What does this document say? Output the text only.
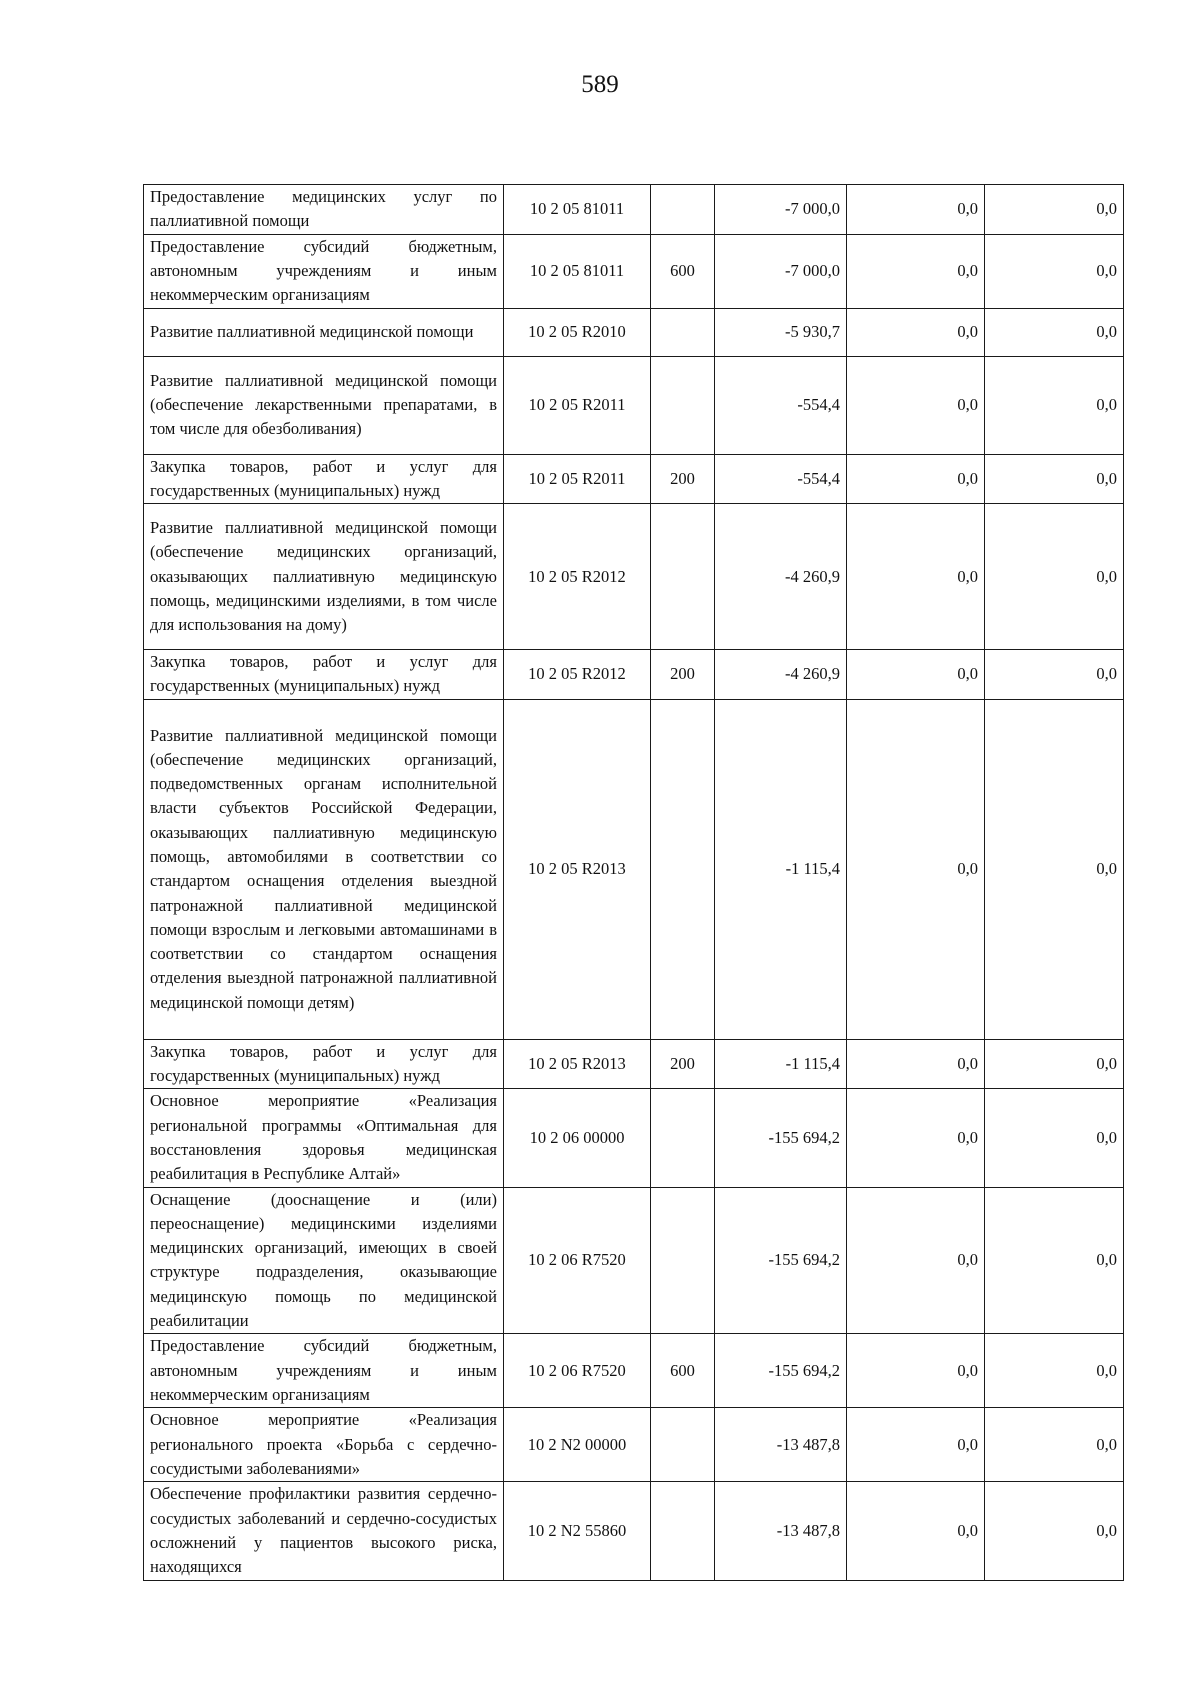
589
Предоставление медицинских услуг по паллиативной помощи	10 2 05 81011		-7 000,0	0,0	0,0
Предоставление субсидий бюджетным, автономным учреждениям и иным некоммерческим организациям	10 2 05 81011	600	-7 000,0	0,0	0,0
Развитие паллиативной медицинской помощи	10 2 05 R2010		-5 930,7	0,0	0,0
Развитие паллиативной медицинской помощи (обеспечение лекарственными препаратами, в том числе для обезболивания)	10 2 05 R2011		-554,4	0,0	0,0
Закупка товаров, работ и услуг для государственных (муниципальных) нужд	10 2 05 R2011	200	-554,4	0,0	0,0
Развитие паллиативной медицинской помощи (обеспечение медицинских организаций, оказывающих паллиативную медицинскую помощь, медицинскими изделиями, в том числе для использования на дому)	10 2 05 R2012		-4 260,9	0,0	0,0
Закупка товаров, работ и услуг для государственных (муниципальных) нужд	10 2 05 R2012	200	-4 260,9	0,0	0,0
Развитие паллиативной медицинской помощи (обеспечение медицинских организаций, подведомственных органам исполнительной власти субъектов Российской Федерации, оказывающих паллиативную медицинскую помощь, автомобилями в соответствии со стандартом оснащения отделения выездной патронажной паллиативной медицинской помощи взрослым и легковыми автомашинами в соответствии со стандартом оснащения отделения выездной патронажной паллиативной медицинской помощи детям)	10 2 05 R2013		-1 115,4	0,0	0,0
Закупка товаров, работ и услуг для государственных (муниципальных) нужд	10 2 05 R2013	200	-1 115,4	0,0	0,0
Основное мероприятие «Реализация региональной программы «Оптимальная для восстановления здоровья медицинская реабилитация в Республике Алтай»	10 2 06 00000		-155 694,2	0,0	0,0
Оснащение (дооснащение и (или) переоснащение) медицинскими изделиями медицинских организаций, имеющих в своей структуре подразделения, оказывающие медицинскую помощь по медицинской реабилитации	10 2 06 R7520		-155 694,2	0,0	0,0
Предоставление субсидий бюджетным, автономным учреждениям и иным некоммерческим организациям	10 2 06 R7520	600	-155 694,2	0,0	0,0
Основное мероприятие «Реализация регионального проекта «Борьба с сердечно-сосудистыми заболеваниями»	10 2 N2 00000		-13 487,8	0,0	0,0
Обеспечение профилактики развития сердечно-сосудистых заболеваний и сердечно-сосудистых осложнений у пациентов высокого риска, находящихся	10 2 N2 55860		-13 487,8	0,0	0,0
